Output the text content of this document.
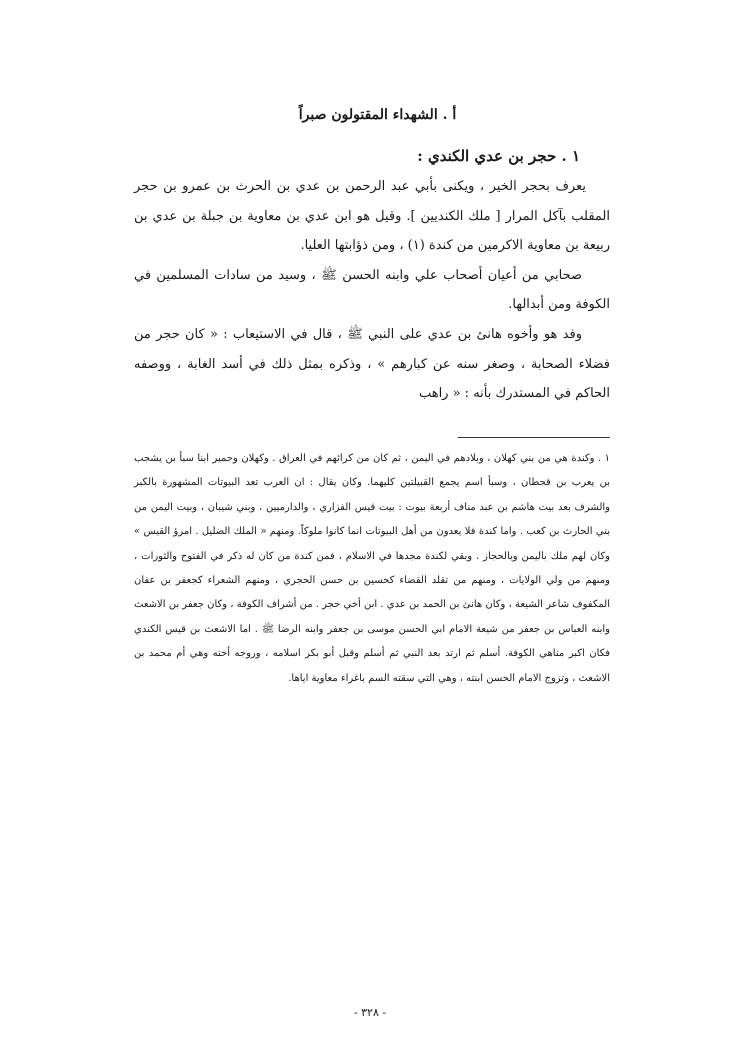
أ . الشهداء المقتولون صبراً
١ . حجر بن عدي الكندي :

يعرف بحجر الخير ، ويكنى بأبي عبد الرحمن بن عدي بن الحرث بن عمرو بن حجر المقلب بآكل المرار [ ملك الكنديين ]. وقيل هو ابن عدي بن معاوية بن جبلة بن عدي بن ربيعة بن معاوية الاكرمين من كندة (١) ، ومن ذؤابتها العليا.

صحابي من أعيان أصحاب علي وابنه الحسن ﷺ ، وسيد من سادات المسلمين في الكوفة ومن أبدالها.

وفد هو وأخوه هانئ بن عدي على النبي ﷺ ، قال في الاستيعاب : « كان حجر من فضلاء الصحابة ، وصغر سنه عن كبارهم » ، وذكره بمثل ذلك في أسد الغابة ، ووصفه الحاكم في المستدرك بأنه : « راهب

١ . وكندة هي من بني كهلان ، وبلادهم في اليمن ، ثم كان من كرائهم في العراق . وكهلان وحمير ابنا سبأ بن يشجب بن يعرب بن قحطان ، وسبأ اسم يجمع القبيلتين كليهما. وكان يقال : ان العرب تعد البيوتات المشهورة بالكبر والشرف بعد بيت هاشم بن عبد مناف أربعة بيوت : بيت قيس الفزاري ، والدارميين ، وبني شيبان ، وبيت اليمن من بني الحارث بن كعب . واما كندة فلا يعدون من أهل البيوتات انما كانوا ملوكاً. ومنهم « الملك الضليل . امرؤ القيس » وكان لهم ملك باليمن وبالحجاز . وبقي لكندة مجدها في الاسلام ، فمن كندة من كان له ذكر في الفتوح والثورات ، ومنهم من ولي الولايات ، ومنهم من تقلد القضاء كحسين بن حسن الحجري ، ومنهم الشعراء كجعفر بن عفان المكفوف شاعر الشيعة ، وكان هانئ بن الحمد بن عدي . ابن أخي حجر . من أشراف الكوفة ، وكان جعفر بن الاشعث وابنه العباس بن جعفر من شيعة الامام ابي الحسن موسى بن جعفر وابنه الرضا ﷺ . اما الاشعث بن قيس الكندي فكان اكبر مناهي الكوفة. أسلم ثم ارتد بعد النبي ثم أسلم وقبل أبو بكر اسلامه ، وروجه أخته وهي أم محمد بن الاشعث ، وتزوج الامام الحسن ابنته ، وهي التي سقته السم باغراء معاوية اياها.

- ٣٢٨ -
